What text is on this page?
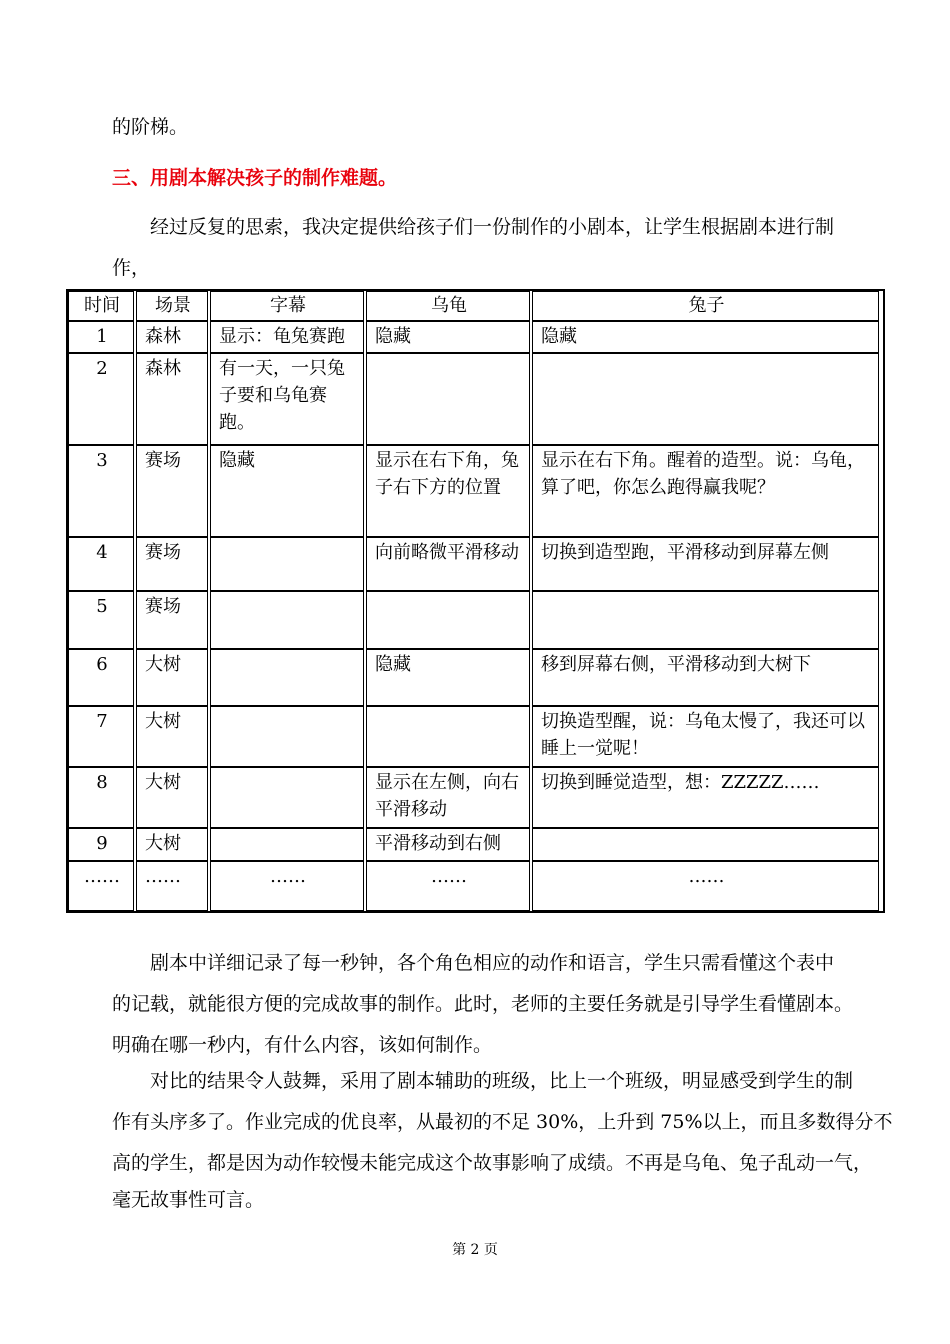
的阶梯。
三、用剧本解决孩子的制作难题。
经过反复的思索，我决定提供给孩子们一份制作的小剧本，让学生根据剧本进行制
作，
时间	场景	字幕	乌龟	兔子
1	森林	显示：龟兔赛跑	隐藏	隐藏
2	森林	有一天，一只兔子要和乌龟赛跑。		
3	赛场	隐藏	显示在右下角，兔子右下方的位置	显示在右下角。醒着的造型。说：乌龟，算了吧，你怎么跑得赢我呢？
4	赛场		向前略微平滑移动	切换到造型跑，平滑移动到屏幕左侧
5	赛场			
6	大树		隐藏	移到屏幕右侧，平滑移动到大树下
7	大树			切换造型醒，说：乌龟太慢了，我还可以睡上一觉呢！
8	大树		显示在左侧，向右平滑移动	切换到睡觉造型，想：ZZZZZ……
9	大树		平滑移动到右侧	
……	……	……	……	……
剧本中详细记录了每一秒钟，各个角色相应的动作和语言，学生只需看懂这个表中
的记载，就能很方便的完成故事的制作。此时，老师的主要任务就是引导学生看懂剧本。
明确在哪一秒内，有什么内容，该如何制作。
对比的结果令人鼓舞，采用了剧本辅助的班级，比上一个班级，明显感受到学生的制
作有头序多了。作业完成的优良率，从最初的不足 30%，上升到 75%以上，而且多数得分不
高的学生，都是因为动作较慢未能完成这个故事影响了成绩。不再是乌龟、兔子乱动一气，
毫无故事性可言。
第 2 页
